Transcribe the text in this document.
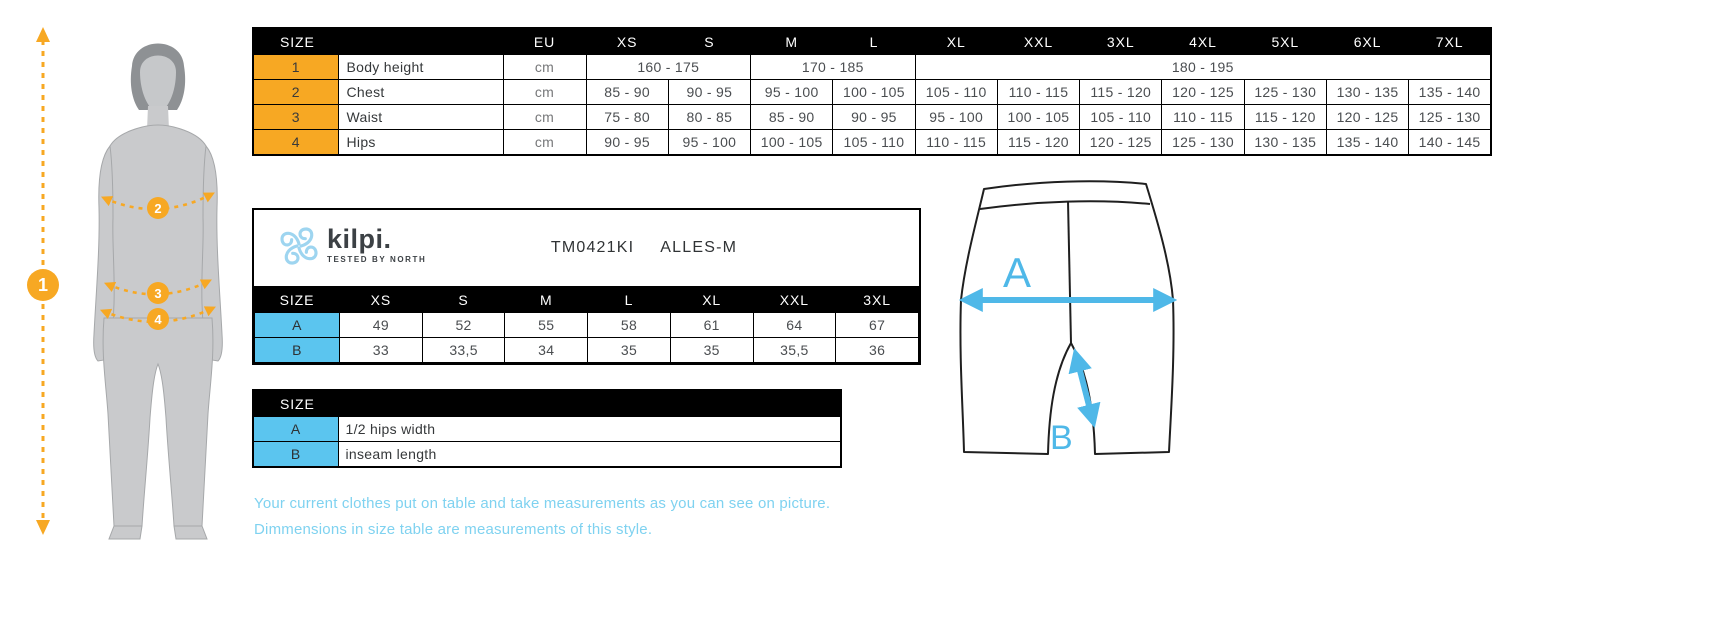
1
2
3
4
SIZE		EU	XS	S	M	L	XL	XXL	3XL	4XL	5XL	6XL	7XL
1	Body height	cm	160 - 175		170 - 185		180 - 195						
2	Chest	cm	85 - 90	90 - 95	95 - 100	100 - 105	105 - 110	110 - 115	115 - 120	120 - 125	125 - 130	130 - 135	135 - 140
3	Waist	cm	75 - 80	80 - 85	85 - 90	90 - 95	95 - 100	100 - 105	105 - 110	110 - 115	115 - 120	120 - 125	125 - 130
4	Hips	cm	90 - 95	95 - 100	100 - 105	105 - 110	110 - 115	115 - 120	120 - 125	125 - 130	130 - 135	135 - 140	140 - 145
kilpi.
TESTED BY NORTH
TM0421KI ALLES-M
SIZE	XS	S	M	L	XL	XXL	3XL
A	49	52	55	58	61	64	67
B	33	33,5	34	35	35	35,5	36
SIZE	
A	1/2 hips width
B	inseam length
Your current clothes put on table and take measurements as you can see on picture.
Dimmensions in size table are measurements of this style.
A
B
